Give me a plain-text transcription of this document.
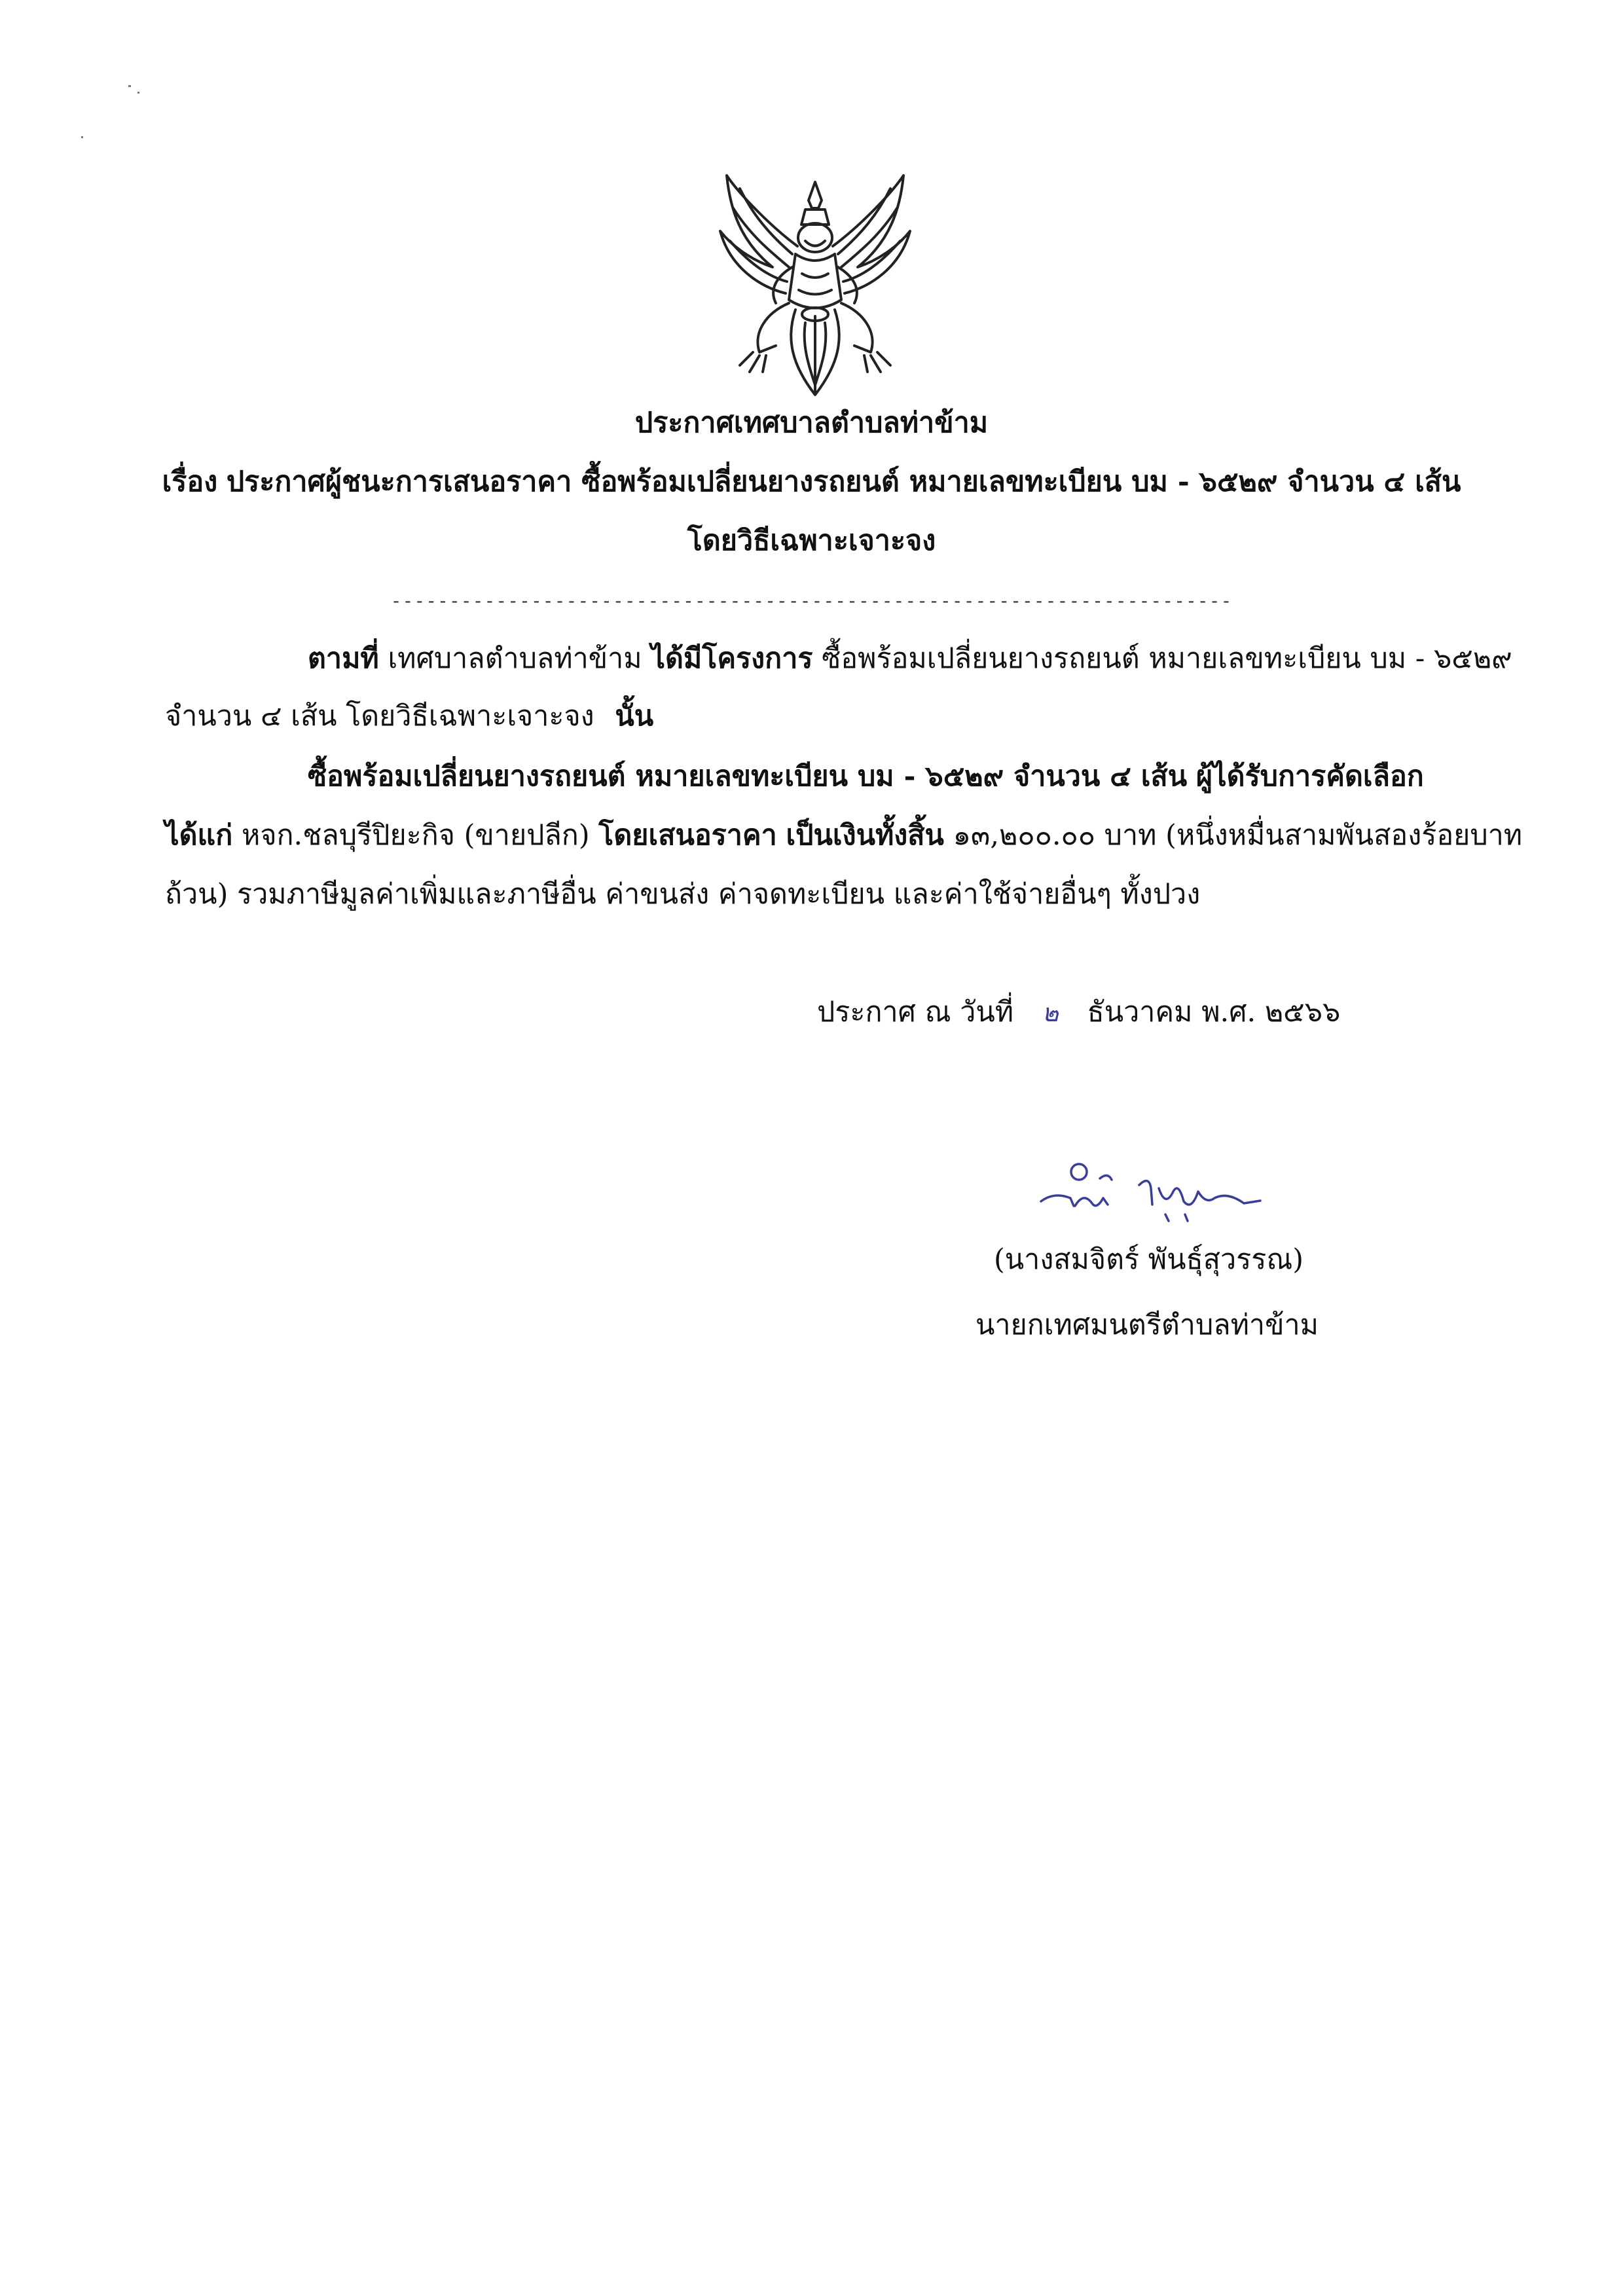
ประกาศเทศบาลตำบลท่าข้าม
เรื่อง ประกาศผู้ชนะการเสนอราคา ซื้อพร้อมเปลี่ยนยางรถยนต์ หมายเลขทะเบียน บม - ๖๕๒๙ จำนวน ๔ เส้น
โดยวิธีเฉพาะเจาะจง
------------------------------------------------------------------------
ตามที่ เทศบาลตำบลท่าข้าม ได้มีโครงการ ซื้อพร้อมเปลี่ยนยางรถยนต์ หมายเลขทะเบียน บม - ๖๕๒๙
จำนวน ๔ เส้น โดยวิธีเฉพาะเจาะจง นั้น
ซื้อพร้อมเปลี่ยนยางรถยนต์ หมายเลขทะเบียน บม - ๖๕๒๙ จำนวน ๔ เส้น ผู้ได้รับการคัดเลือก
ได้แก่ หจก.ชลบุรีปิยะกิจ (ขายปลีก) โดยเสนอราคา เป็นเงินทั้งสิ้น ๑๓,๒๐๐.๐๐ บาท (หนึ่งหมื่นสามพันสองร้อยบาท
ถ้วน) รวมภาษีมูลค่าเพิ่มและภาษีอื่น ค่าขนส่ง ค่าจดทะเบียน และค่าใช้จ่ายอื่นๆ ทั้งปวง
ประกาศ ณ วันที่ ๒ ธันวาคม พ.ศ. ๒๕๖๖
(นางสมจิตร์ พันธุ์สุวรรณ)
นายกเทศมนตรีตำบลท่าข้าม
